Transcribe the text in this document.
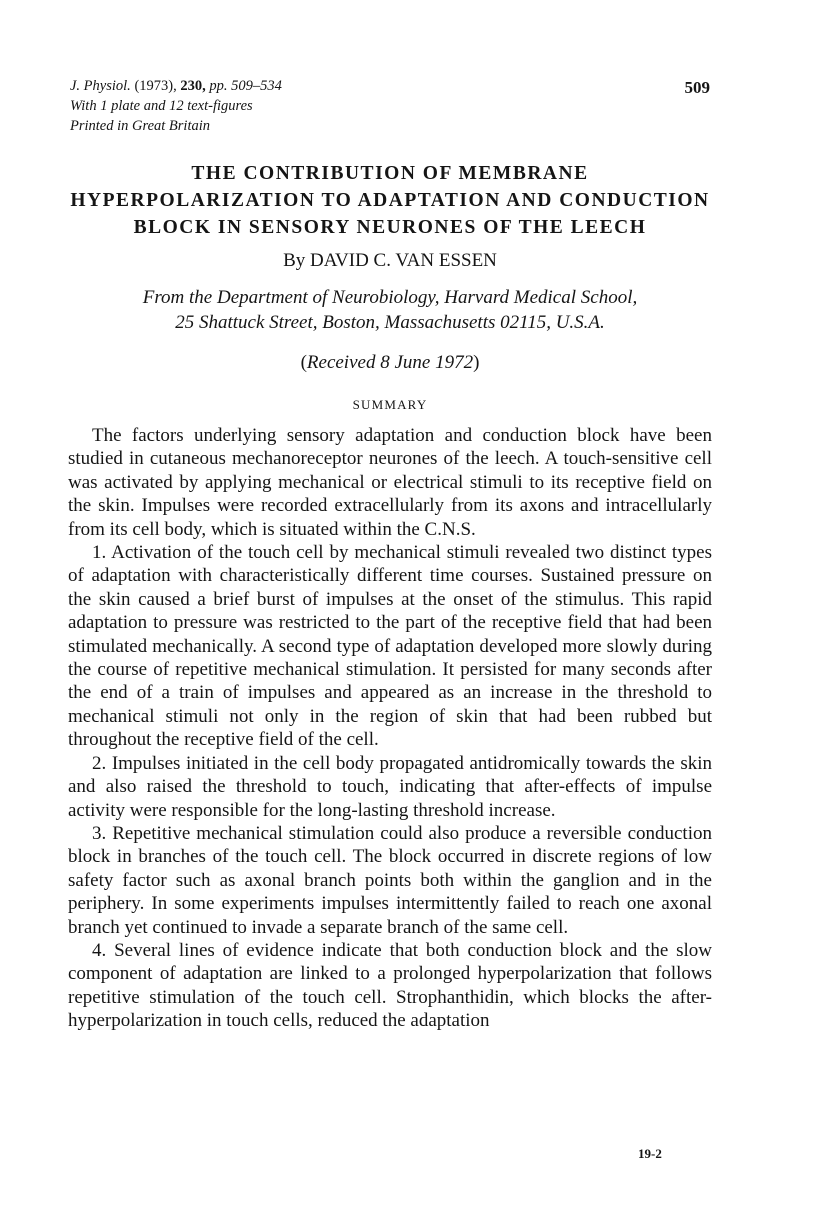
J. Physiol. (1973), 230, pp. 509–534
With 1 plate and 12 text-figures
Printed in Great Britain
509
THE CONTRIBUTION OF MEMBRANE
HYPERPOLARIZATION TO ADAPTATION AND CONDUCTION
BLOCK IN SENSORY NEURONES OF THE LEECH
By DAVID C. VAN ESSEN
From the Department of Neurobiology, Harvard Medical School,
25 Shattuck Street, Boston, Massachusetts 02115, U.S.A.
(Received 8 June 1972)
SUMMARY

The factors underlying sensory adaptation and conduction block have been studied in cutaneous mechanoreceptor neurones of the leech. A touch-sensitive cell was activated by applying mechanical or electrical stimuli to its receptive field on the skin. Impulses were recorded extracellularly from its axons and intracellularly from its cell body, which is situated within the C.N.S.

1. Activation of the touch cell by mechanical stimuli revealed two distinct types of adaptation with characteristically different time courses. Sustained pressure on the skin caused a brief burst of impulses at the onset of the stimulus. This rapid adaptation to pressure was restricted to the part of the receptive field that had been stimulated mechanically. A second type of adaptation developed more slowly during the course of repetitive mechanical stimulation. It persisted for many seconds after the end of a train of impulses and appeared as an increase in the threshold to mechanical stimuli not only in the region of skin that had been rubbed but throughout the receptive field of the cell.

2. Impulses initiated in the cell body propagated antidromically towards the skin and also raised the threshold to touch, indicating that after-effects of impulse activity were responsible for the long-lasting threshold increase.

3. Repetitive mechanical stimulation could also produce a reversible conduction block in branches of the touch cell. The block occurred in discrete regions of low safety factor such as axonal branch points both within the ganglion and in the periphery. In some experiments impulses intermittently failed to reach one axonal branch yet continued to invade a separate branch of the same cell.

4. Several lines of evidence indicate that both conduction block and the slow component of adaptation are linked to a prolonged hyperpolarization that follows repetitive stimulation of the touch cell. Strophanthidin, which blocks the after-hyperpolarization in touch cells, reduced the adaptation

19-2
